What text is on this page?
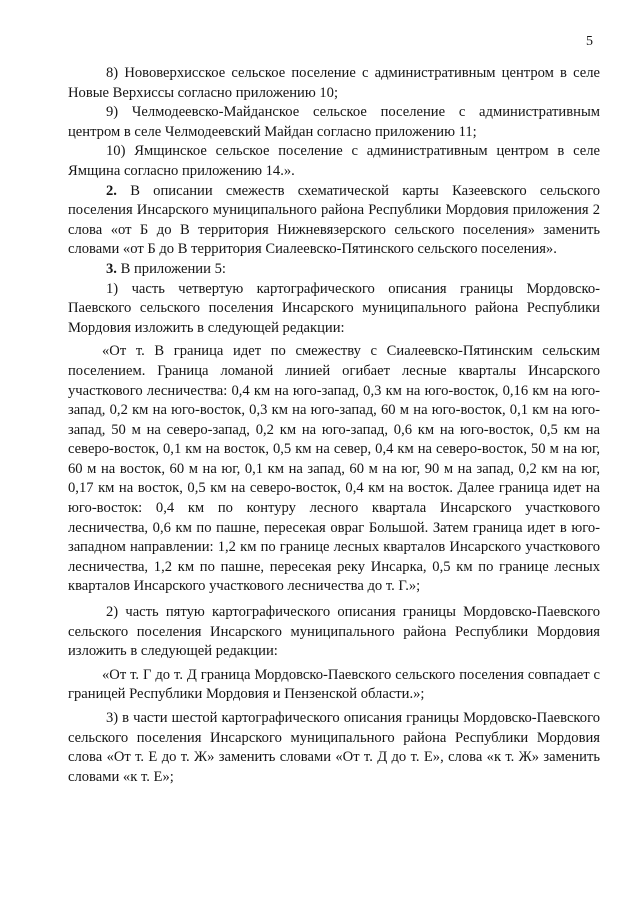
5

8) Нововерхисское сельское поселение с административным центром в селе Новые Верхиссы согласно приложению 10;

9) Челмодеевско-Майданское сельское поселение с административным центром в селе Челмодеевский Майдан согласно приложению 11;

10) Ямщинское сельское поселение с административным центром в селе Ямщина согласно приложению 14.».

2. В описании смежеств схематической карты Казеевского сельского поселения Инсарского муниципального района Республики Мордовия приложения 2 слова «от Б до В территория Нижневязерского сельского поселения» заменить словами «от Б до В территория Сиалеевско-Пятинского сельского поселения».

3. В приложении 5:

1) часть четвертую картографического описания границы Мордовско-Паевского сельского поселения Инсарского муниципального района Республики Мордовия изложить в следующей редакции:

«От т. В граница идет по смежеству с Сиалеевско-Пятинским сельским поселением. Граница ломаной линией огибает лесные кварталы Инсарского участкового лесничества: 0,4 км на юго-запад, 0,3 км на юго-восток, 0,16 км на юго-запад, 0,2 км на юго-восток, 0,3 км на юго-запад, 60 м на юго-восток, 0,1 км на юго-запад, 50 м на северо-запад, 0,2 км на юго-запад, 0,6 км на юго-восток, 0,5 км на северо-восток, 0,1 км на восток, 0,5 км на север, 0,4 км на северо-восток, 50 м на юг, 60 м на восток, 60 м на юг, 0,1 км на запад, 60 м на юг, 90 м на запад, 0,2 км на юг, 0,17 км на восток, 0,5 км на северо-восток, 0,4 км на восток. Далее граница идет на юго-восток: 0,4 км по контуру лесного квартала Инсарского участкового лесничества, 0,6 км по пашне, пересекая овраг Большой. Затем граница идет в юго-западном направлении: 1,2 км по границе лесных кварталов Инсарского участкового лесничества, 1,2 км по пашне, пересекая реку Инсарка, 0,5 км по границе лесных кварталов Инсарского участкового лесничества до т. Г.»;

2) часть пятую картографического описания границы Мордовско-Паевского сельского поселения Инсарского муниципального района Республики Мордовия изложить в следующей редакции:

«От т. Г до т. Д граница Мордовско-Паевского сельского поселения совпадает с границей Республики Мордовия и Пензенской области.»;

3) в части шестой картографического описания границы Мордовско-Паевского сельского поселения Инсарского муниципального района Республики Мордовия слова «От т. Е до т. Ж» заменить словами «От т. Д до т. Е», слова «к т. Ж» заменить словами «к т. Е»;
